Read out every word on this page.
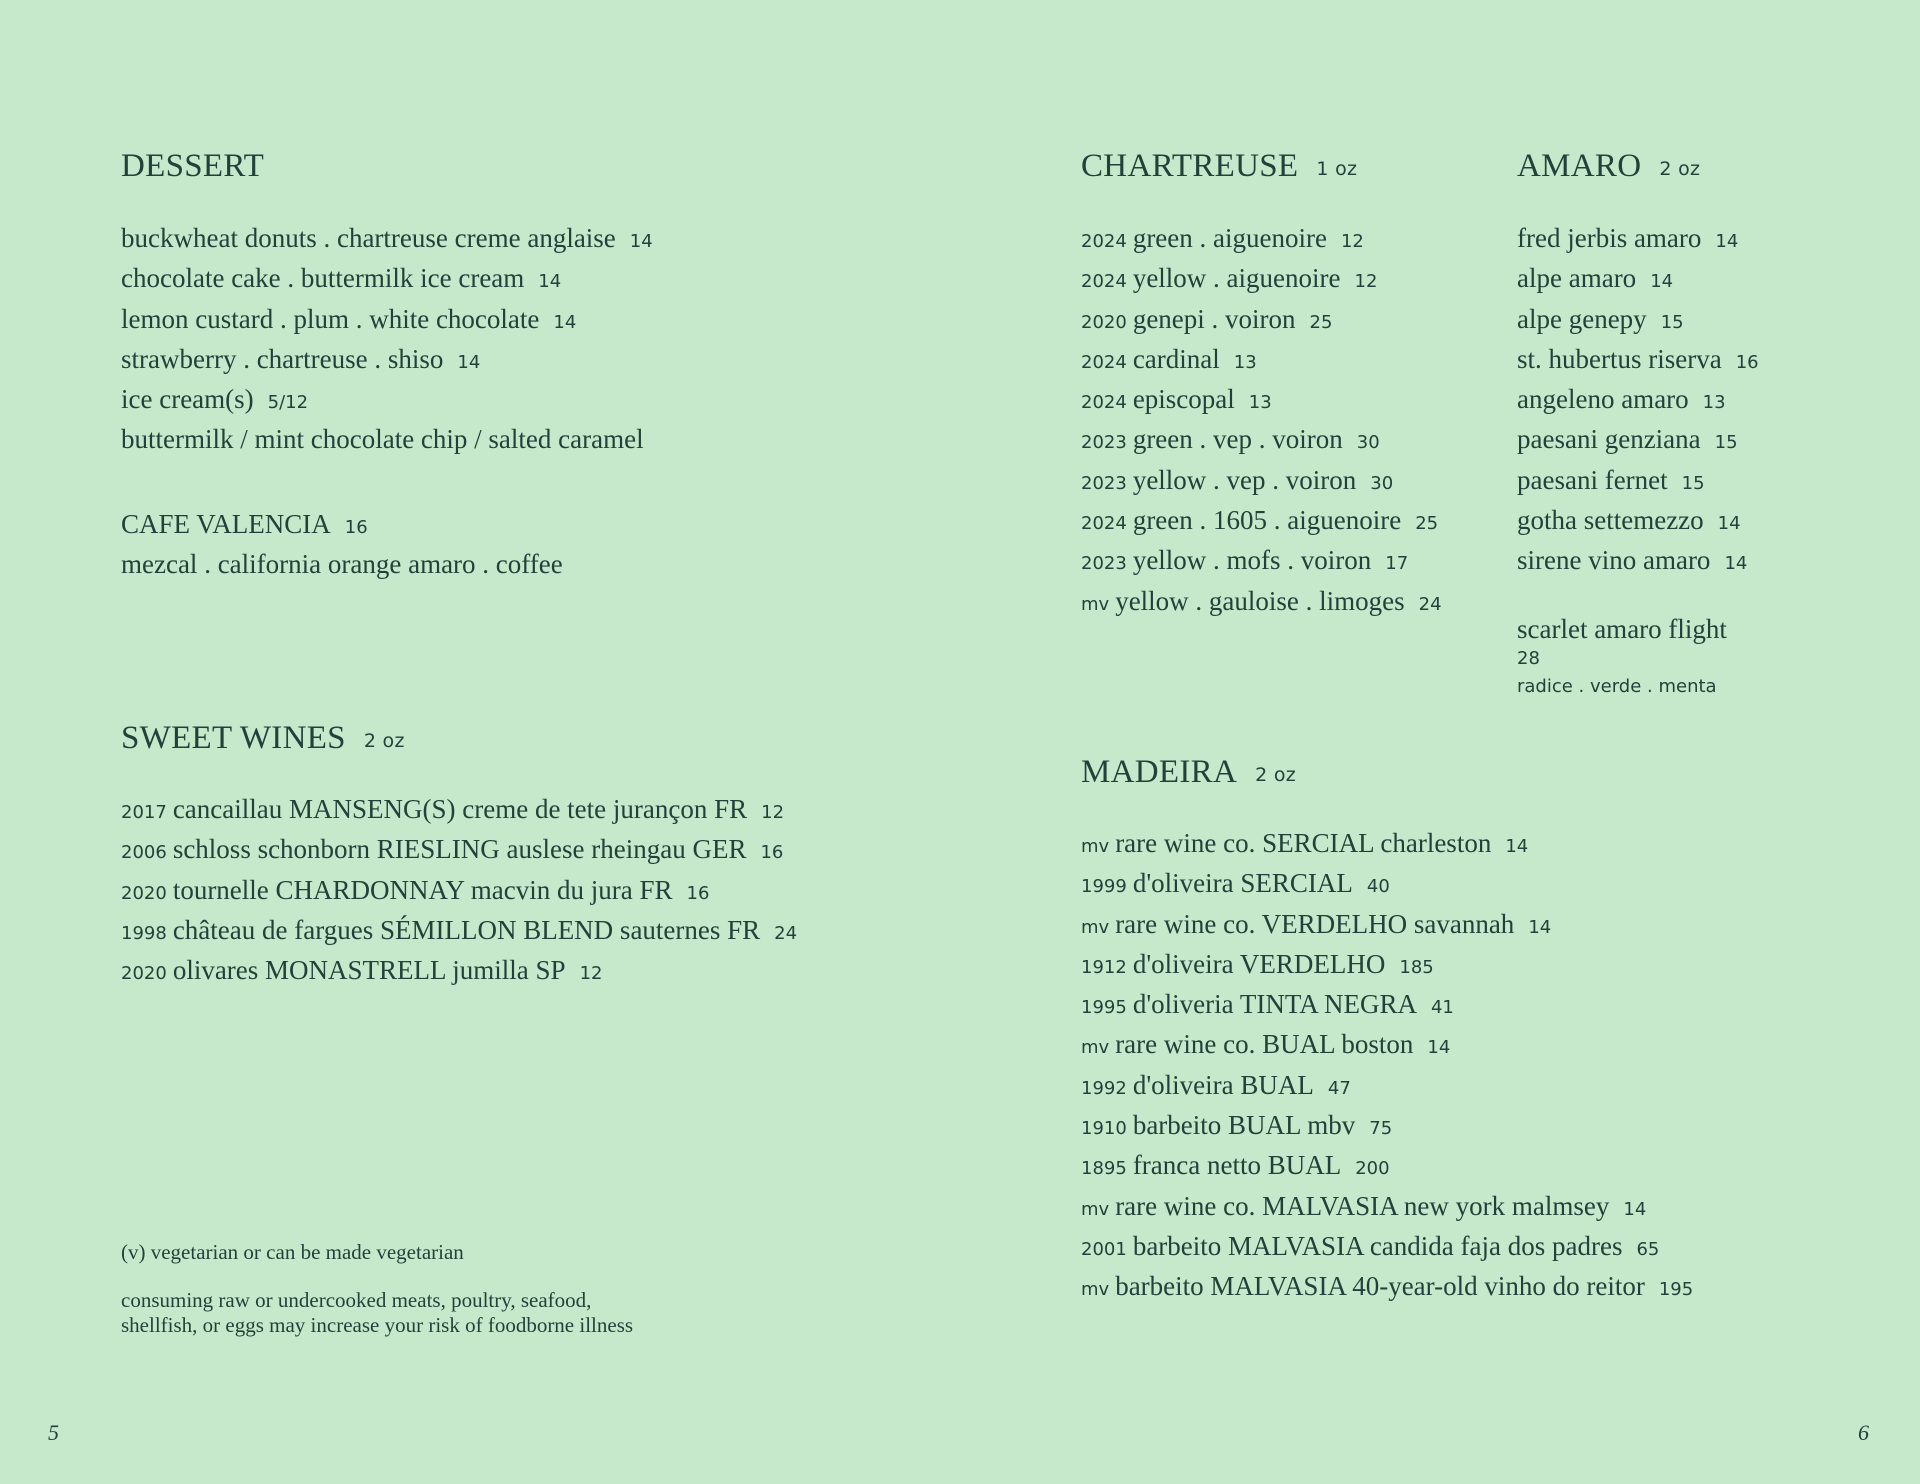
DESSERT
buckwheat donuts . chartreuse creme anglaise 14
chocolate cake . buttermilk ice cream 14
lemon custard . plum . white chocolate 14
strawberry . chartreuse . shiso 14
ice cream(s) 5/12
buttermilk / mint chocolate chip / salted caramel
CAFE VALENCIA 16
mezcal . california orange amaro . coffee
SWEET WINES 2 oz
2017 cancaillau MANSENG(S) creme de tete jurançon FR 12
2006 schloss schonborn RIESLING auslese rheingau GER 16
2020 tournelle CHARDONNAY macvin du jura FR 16
1998 château de fargues SÉMILLON BLEND sauternes FR 24
2020 olivares MONASTRELL jumilla SP 12
(v) vegetarian or can be made vegetarian
consuming raw or undercooked meats, poultry, seafood,
shellfish, or eggs may increase your risk of foodborne illness
CHARTREUSE 1 oz
2024 green . aiguenoire 12
2024 yellow . aiguenoire 12
2020 genepi . voiron 25
2024 cardinal 13
2024 episcopal 13
2023 green . vep . voiron 30
2023 yellow . vep . voiron 30
2024 green . 1605 . aiguenoire 25
2023 yellow . mofs . voiron 17
mv yellow . gauloise . limoges 24
AMARO 2 oz
fred jerbis amaro 14
alpe amaro 14
alpe genepy 15
st. hubertus riserva 16
angeleno amaro 13
paesani genziana 15
paesani fernet 15
gotha settemezzo 14
sirene vino amaro 14
scarlet amaro flight
28
radice . verde . menta
MADEIRA 2 oz
mv rare wine co. SERCIAL charleston 14
1999 d'oliveira SERCIAL 40
mv rare wine co. VERDELHO savannah 14
1912 d'oliveira VERDELHO 185
1995 d'oliveria TINTA NEGRA 41
mv rare wine co. BUAL boston 14
1992 d'oliveira BUAL 47
1910 barbeito BUAL mbv 75
1895 franca netto BUAL 200
mv rare wine co. MALVASIA new york malmsey 14
2001 barbeito MALVASIA candida faja dos padres 65
mv barbeito MALVASIA 40-year-old vinho do reitor 195
5	6
